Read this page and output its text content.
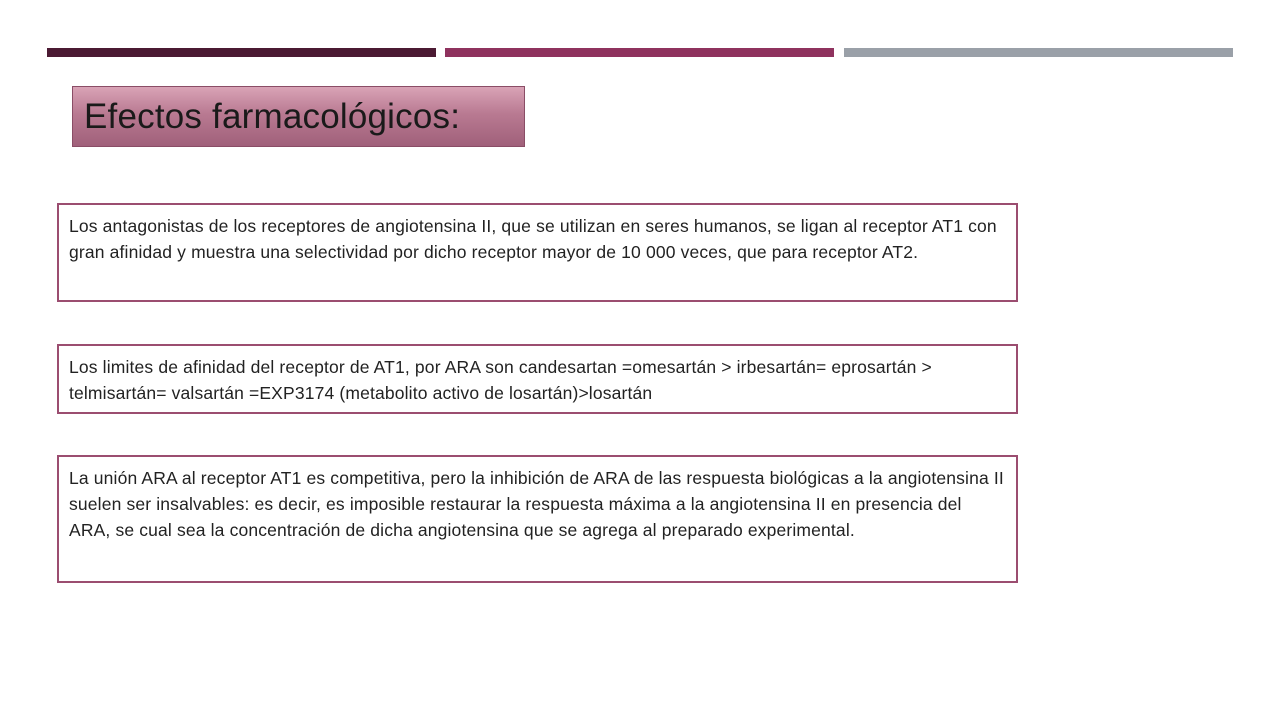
Efectos farmacológicos:
Los antagonistas de los receptores de angiotensina II, que se utilizan en seres humanos, se ligan al receptor AT1 con gran afinidad y muestra una selectividad por dicho receptor mayor de 10 000 veces, que para receptor AT2.
Los limites de afinidad del receptor de AT1, por ARA son candesartan =omesartán > irbesartán= eprosartán > telmisartán= valsartán =EXP3174 (metabolito activo de losartán)>losartán
La unión ARA al receptor AT1 es competitiva, pero la inhibición de ARA de las respuesta biológicas a la angiotensina II suelen ser insalvables: es decir, es imposible restaurar la respuesta máxima a la angiotensina II en presencia del ARA, se cual sea la concentración de dicha angiotensina que se agrega al preparado experimental.
